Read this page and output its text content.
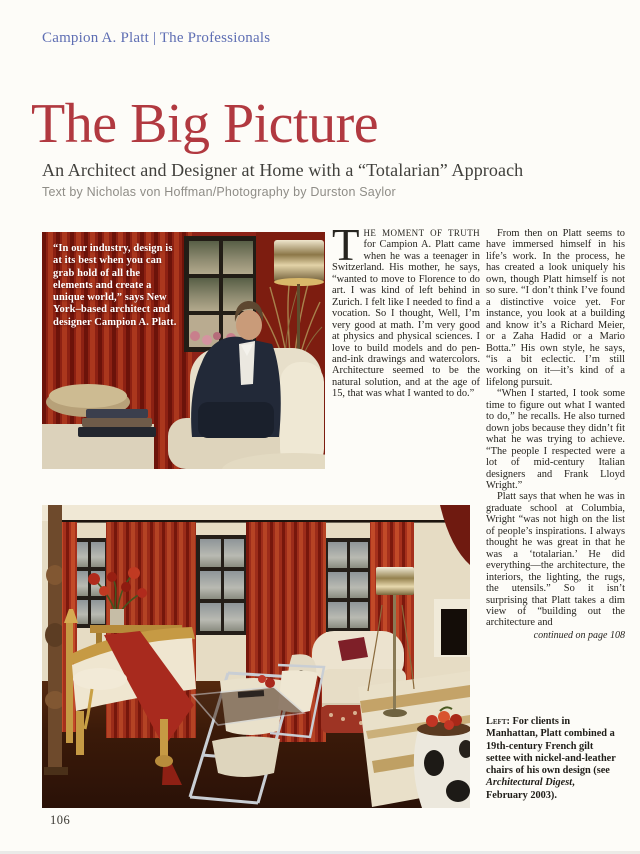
Campion A. Platt | The Professionals
The Big Picture
An Architect and Designer at Home with a “Totalarian” Approach
Text by Nicholas von Hoffman/Photography by Durston Saylor
“In our industry, design is at its best when you can grab hold of all the elements and create a unique world,” says New York–based architect and designer Campion A. Platt.

THE MOMENT OF TRUTH for Campion A. Platt came when he was a teenager in Switzerland. His mother, he says, “wanted to move to Florence to do art. I was kind of left behind in Zurich. I felt like I needed to find a vocation. So I thought, Well, I’m very good at math. I’m very good at physics and physical sciences. I love to build models and do pen-and-ink drawings and watercolors. Architecture seemed to be the natural solution, and at the age of 15, that was what I wanted to do.”

From then on Platt seems to have immersed himself in his life’s work. In the process, he has created a look uniquely his own, though Platt himself is not so sure. “I don’t think I’ve found a distinctive voice yet. For instance, you look at a building and know it’s a Richard Meier, or a Zaha Hadid or a Mario Botta.” His own style, he says, “is a bit eclectic. I’m still working on it—it’s kind of a lifelong pursuit.

“When I started, I took some time to figure out what I wanted to do,” he recalls. He also turned down jobs because they didn’t fit what he was trying to achieve. “The people I respected were a lot of mid-century Italian designers and Frank Lloyd Wright.”

Platt says that when he was in graduate school at Columbia, Wright “was not high on the list of people’s inspirations. I always thought he was great in that he was a ‘totalarian.’ He did everything—the architecture, the interiors, the lighting, the rugs, the utensils.” So it isn’t surprising that Platt takes a dim view of “building out the architecture and

continued on page 108
Left: For clients in Manhattan, Platt combined a 19th-century French gilt settee with nickel-and-leather chairs of his own design (see Architectural Digest, February 2003).
106
